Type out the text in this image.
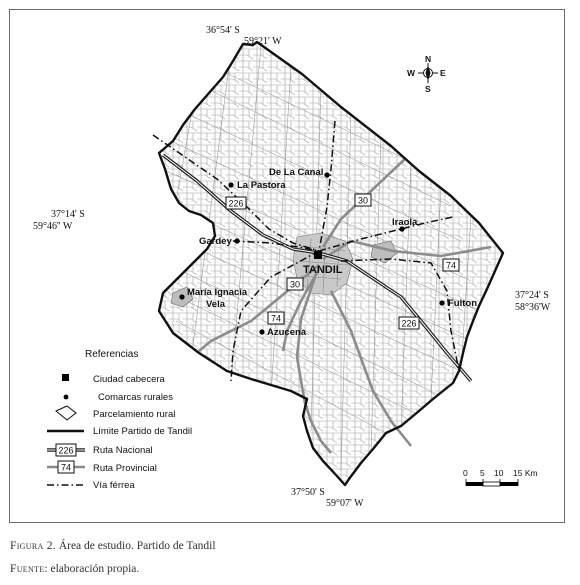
226	30
74
30
74	226
TANDIL
De La Canal
La Pastora
Iraola
Gardey
María Ignacia
Vela	Fulton
Azucena
36°54' S
59°21' W
37°14' S
59°46'' W
37°24' S
58°36'W
37°50' S
59°07' W
N
S
W	E
0 5 10 15 Km
Referencias
Ciudad cabecera
Comarcas rurales
Parcelamiento rural
Límite Partido de Tandil
226 Ruta Nacional
74 Ruta Provincial
Vía férrea
Figura 2. Área de estudio. Partido de Tandil
Fuente: elaboración propia.
